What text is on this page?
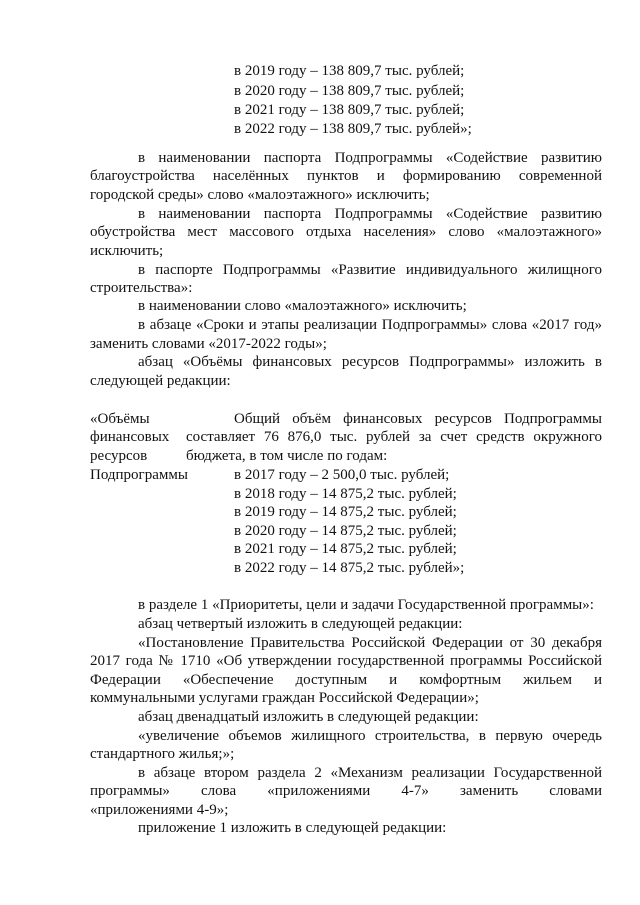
в 2019 году – 138 809,7 тыс. рублей;
в 2020 году – 138 809,7 тыс. рублей;
в 2021 году – 138 809,7 тыс. рублей;
в 2022 году – 138 809,7 тыс. рублей»;
в наименовании паспорта Подпрограммы «Содействие развитию
благоустройства населённых пунктов и формированию современной
городской среды» слово «малоэтажного» исключить;
в наименовании паспорта Подпрограммы «Содействие развитию
обустройства мест массового отдыха населения» слово «малоэтажного»
исключить;
в паспорте Подпрограммы «Развитие индивидуального жилищного
строительства»:
в наименовании слово «малоэтажного» исключить;
в абзаце «Сроки и этапы реализации Подпрограммы» слова «2017 год»
заменить словами «2017-2022 годы»;
абзац «Объёмы финансовых ресурсов Подпрограммы» изложить в
следующей редакции:
«Объёмы
финансовых
ресурсов
Подпрограммы
Общий объём финансовых ресурсов Подпрограммы
составляет 76 876,0 тыс. рублей за счет средств окружного
бюджета, в том числе по годам:
в 2017 году – 2 500,0 тыс. рублей;
в 2018 году – 14 875,2 тыс. рублей;
в 2019 году – 14 875,2 тыс. рублей;
в 2020 году – 14 875,2 тыс. рублей;
в 2021 году – 14 875,2 тыс. рублей;
в 2022 году – 14 875,2 тыс. рублей»;
в разделе 1 «Приоритеты, цели и задачи Государственной программы»:
абзац четвертый изложить в следующей редакции:
«Постановление Правительства Российской Федерации от 30 декабря
2017 года № 1710 «Об утверждении государственной программы Российской
Федерации «Обеспечение доступным и комфортным жильем и
коммунальными услугами граждан Российской Федерации»;
абзац двенадцатый изложить в следующей редакции:
«увеличение объемов жилищного строительства, в первую очередь
стандартного жилья;»;
в абзаце втором раздела 2 «Механизм реализации Государственной
программы» слова «приложениями 4-7» заменить словами
«приложениями 4-9»;
приложение 1 изложить в следующей редакции:
